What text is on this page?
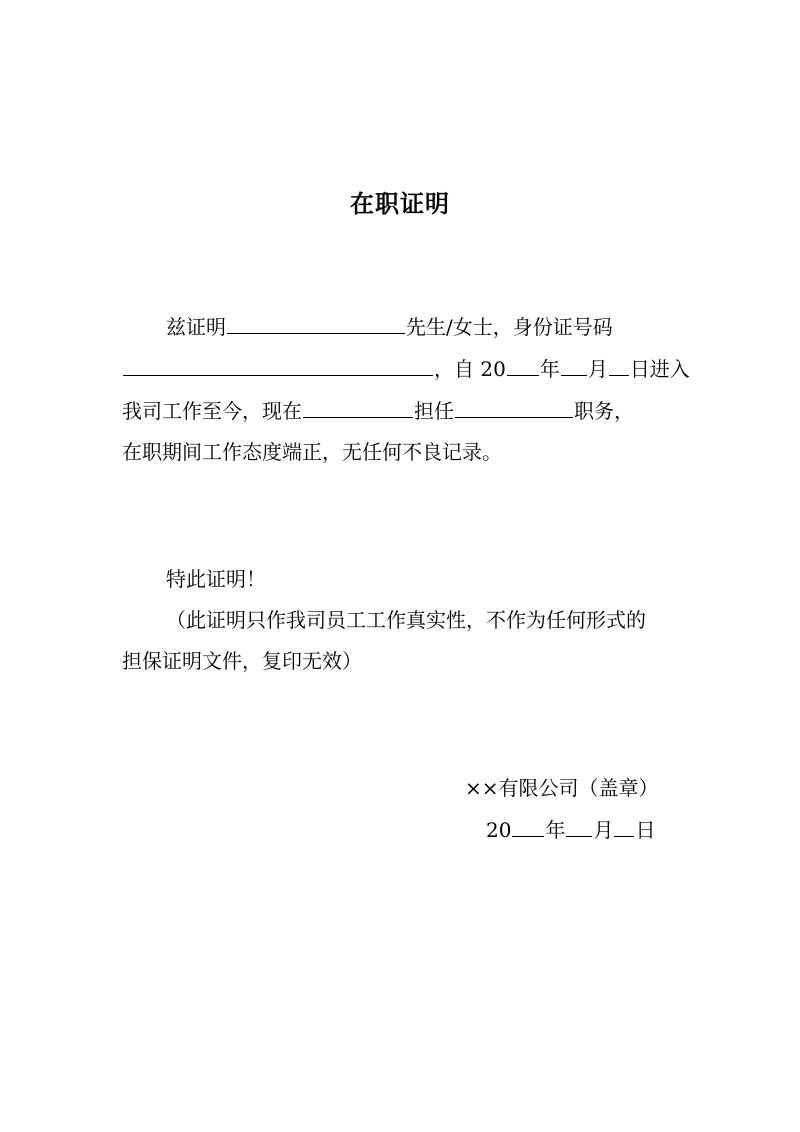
在职证明
兹证明	先生/女士，身份证号码
，自 20 年 月 日进入
我司工作至今，现在	担任	职务，
在职期间工作态度端正，无任何不良记录。
特此证明！
（此证明只作我司员工工作真实性，不作为任何形式的
担保证明文件，复印无效）
××有限公司（盖章）
20 年 月 日
